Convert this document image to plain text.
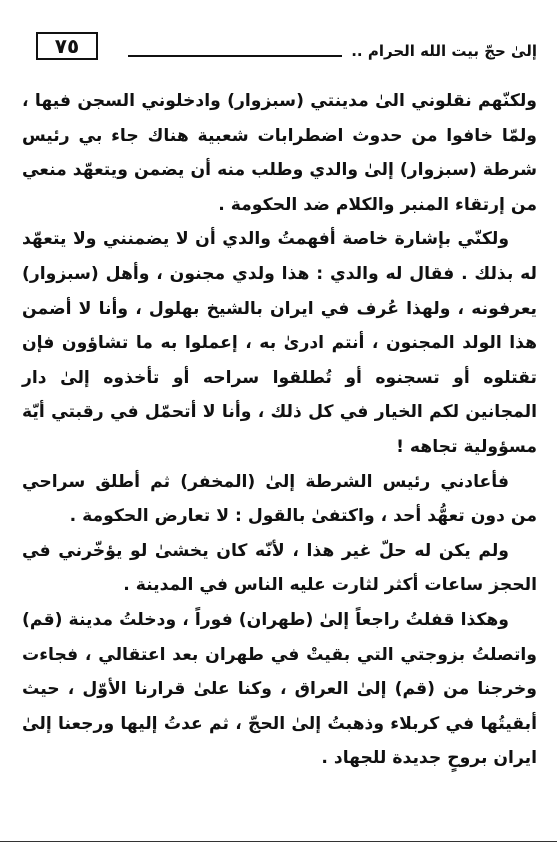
٧٥	إلىٰ حجّ بيت الله الحرام ..

ولكنّهم نقلوني الىٰ مدينتي (سبزوار) وادخلوني السجن فيها ، ولمّا خافوا من حدوث اضطرابات شعبية هناك جاء بي رئيس شرطة (سبزوار) إلىٰ والدي وطلب منه أن يضمن ويتعهّد منعي من إرتقاء المنبر والكلام ضد الحكومة .

ولكنّي بإشارة خاصة أفهمتُ والدي أن لا يضمنني ولا يتعهّد له بذلك . فقال له والدي : هذا ولدي مجنون ، وأهل (سبزوار) يعرفونه ، ولهذا عُرف في ايران بالشيخ بهلول ، وأنا لا أضمن هذا الولد المجنون ، أنتم ادرىٰ به ، إعملوا به ما تشاؤون فإن تقتلوه أو تسجنوه أو تُطلقوا سراحه أو تأخذوه إلىٰ دار المجانين لكم الخيار في كل ذلك ، وأنا لا أتحمّل في رقبتي أيّة مسؤولية تجاهه !

فأعادني رئيس الشرطة إلىٰ (المخفر) ثم أطلق سراحي من دون تعهُّد أحد ، واكتفىٰ بالقول : لا تعارض الحكومة .

ولم يكن له حلّ غير هذا ، لأنّه كان يخشىٰ لو يؤخّرني في الحجز ساعات أكثر لثارت عليه الناس في المدينة .

وهكذا قفلتُ راجعاً إلىٰ (طهران) فوراً ، ودخلتُ مدينة (قم) واتصلتُ بزوجتي التي بقيتْ في طهران بعد اعتقالي ، فجاءت وخرجنا من (قم) إلىٰ العراق ، وكنا علىٰ قرارنا الأوّل ، حيث أبقيتُها في كربلاء وذهبتُ إلىٰ الحجّ ، ثم عدتُ إليها ورجعنا إلىٰ ايران بروحٍ جديدة للجهاد .
